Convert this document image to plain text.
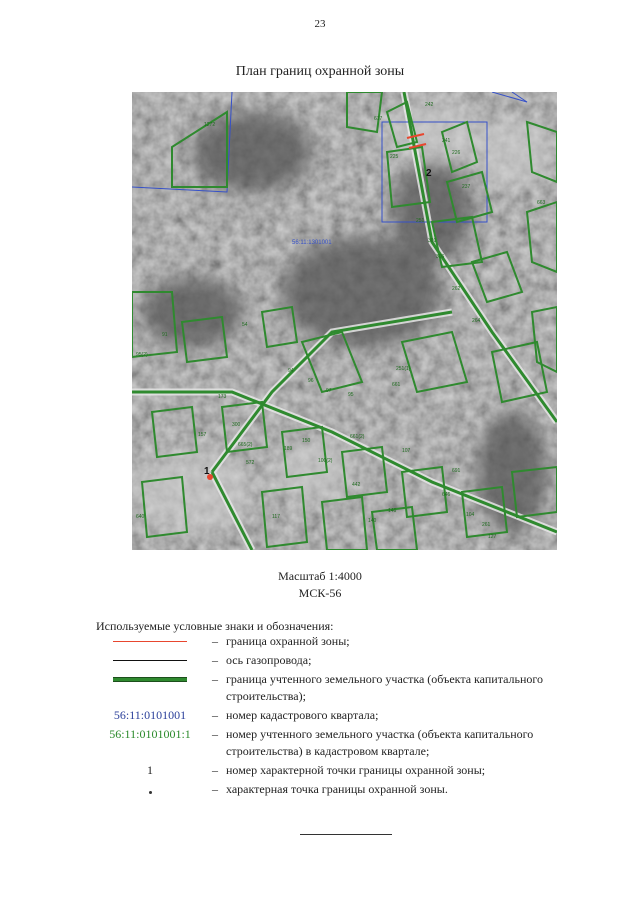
23
План границ охранной зоны
1
2
56:11:1301001
242
617
241
237
225
226
663
251
301
306
262
264
251(1)
661
1272
54
94
96
97
95
173
157
300
665(2)
572
189
150
661(2)
100(2)
107
691
646
442
146
140
104
261
127
117
640
95(2)
91
Масштаб 1:4000
МСК-56
Используемые условные знаки и обозначения:
– граница охранной зоны;
– ось газопровода;
– граница учтенного земельного участка (объекта капитального строительства);
56:11:0101001	– номер кадастрового квартала;
56:11:0101001:1	– номер учтенного земельного участка (объекта капитального строительства) в кадастровом квартале;
1	– номер характерной точки границы охранной зоны;
– характерная точка границы охранной зоны.
